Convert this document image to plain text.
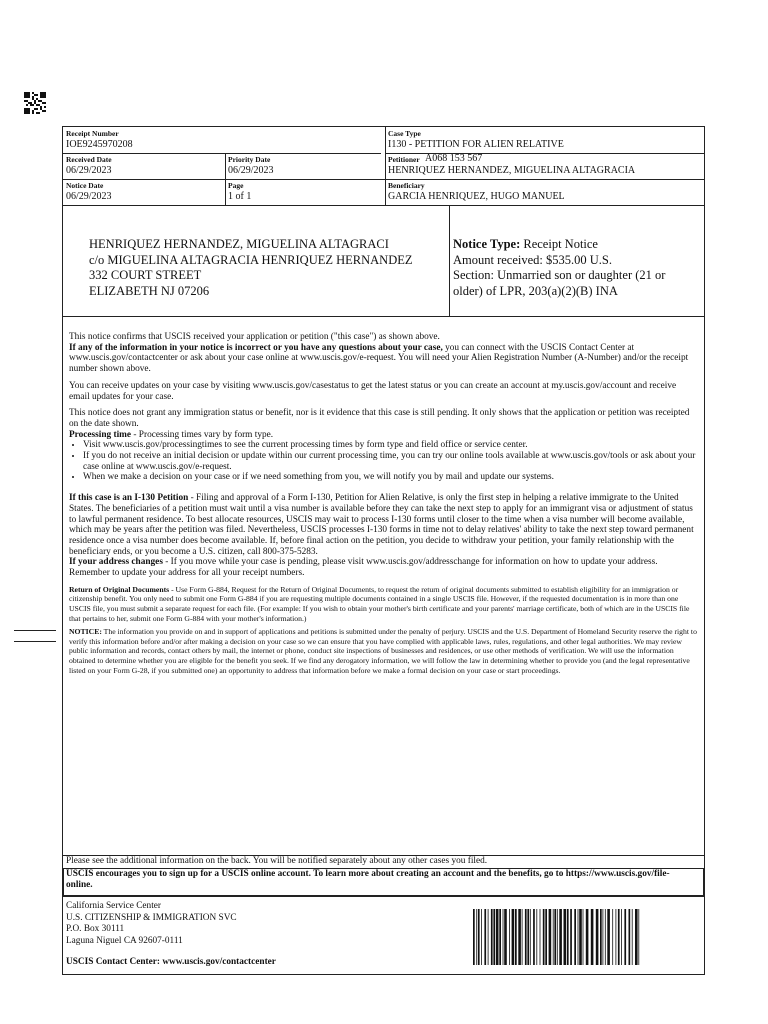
Receipt Number
IOE9245970208
Case Type
I130 - PETITION FOR ALIEN RELATIVE
Received Date
06/29/2023
Priority Date
06/29/2023
Petitioner A068 153 567
HENRIQUEZ HERNANDEZ, MIGUELINA ALTAGRACIA
Notice Date
06/29/2023
Page
1 of 1
Beneficiary
GARCIA HENRIQUEZ, HUGO MANUEL
HENRIQUEZ HERNANDEZ, MIGUELINA ALTAGRACI
c/o MIGUELINA ALTAGRACIA HENRIQUEZ HERNANDEZ
332 COURT STREET
ELIZABETH NJ 07206
Notice Type: Receipt Notice
Amount received: $535.00 U.S.
Section: Unmarried son or daughter (21 or older) of LPR, 203(a)(2)(B) INA

This notice confirms that USCIS received your application or petition ("this case") as shown above.
If any of the information in your notice is incorrect or you have any questions about your case, you can connect with the USCIS Contact Center at www.uscis.gov/contactcenter or ask about your case online at www.uscis.gov/e-request. You will need your Alien Registration Number (A-Number) and/or the receipt number shown above.

You can receive updates on your case by visiting www.uscis.gov/casestatus to get the latest status or you can create an account at my.uscis.gov/account and receive email updates for your case.

This notice does not grant any immigration status or benefit, nor is it evidence that this case is still pending. It only shows that the application or petition was receipted on the date shown.

Processing time - Processing times vary by form type.
• Visit www.uscis.gov/processingtimes to see the current processing times by form type and field office or service center.
• If you do not receive an initial decision or update within our current processing time, you can try our online tools available at www.uscis.gov/tools or ask about your case online at www.uscis.gov/e-request.
• When we make a decision on your case or if we need something from you, we will notify you by mail and update our systems.

If this case is an I-130 Petition - Filing and approval of a Form I-130, Petition for Alien Relative, is only the first step in helping a relative immigrate to the United States. The beneficiaries of a petition must wait until a visa number is available before they can take the next step to apply for an immigrant visa or adjustment of status to lawful permanent residence. To best allocate resources, USCIS may wait to process I-130 forms until closer to the time when a visa number will become available, which may be years after the petition was filed. Nevertheless, USCIS processes I-130 forms in time not to delay relatives' ability to take the next step toward permanent residence once a visa number does become available. If, before final action on the petition, you decide to withdraw your petition, your family relationship with the beneficiary ends, or you become a U.S. citizen, call 800-375-5283.

If your address changes - If you move while your case is pending, please visit www.uscis.gov/addresschange for information on how to update your address. Remember to update your address for all your receipt numbers.

Return of Original Documents - Use Form G-884, Request for the Return of Original Documents, to request the return of original documents submitted to establish eligibility for an immigration or citizenship benefit. You only need to submit one Form G-884 if you are requesting multiple documents contained in a single USCIS file. However, if the requested documentation is in more than one USCIS file, you must submit a separate request for each file. (For example: If you wish to obtain your mother's birth certificate and your parents' marriage certificate, both of which are in the USCIS file that pertains to her, submit one Form G-884 with your mother's information.)

NOTICE: The information you provide on and in support of applications and petitions is submitted under the penalty of perjury. USCIS and the U.S. Department of Homeland Security reserve the right to verify this information before and/or after making a decision on your case so we can ensure that you have complied with applicable laws, rules, regulations, and other legal authorities. We may review public information and records, contact others by mail, the internet or phone, conduct site inspections of businesses and residences, or use other methods of verification. We will use the information obtained to determine whether you are eligible for the benefit you seek. If we find any derogatory information, we will follow the law in determining whether to provide you (and the legal representative listed on your Form G-28, if you submitted one) an opportunity to address that information before we make a formal decision on your case or start proceedings.

Please see the additional information on the back. You will be notified separately about any other cases you filed.
USCIS encourages you to sign up for a USCIS online account. To learn more about creating an account and the benefits, go to https://www.uscis.gov/file-online.
California Service Center
U.S. CITIZENSHIP & IMMIGRATION SVC
P.O. Box 30111
Laguna Niguel CA 92607-0111
USCIS Contact Center: www.uscis.gov/contactcenter
